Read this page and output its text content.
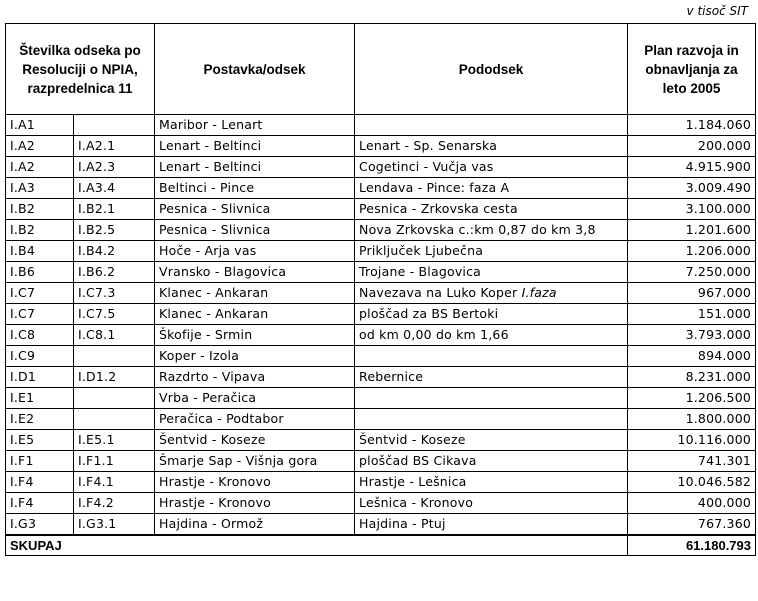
v tisoč SIT
Številka odseka po Resoluciji o NPIA, razpredelnica 11		Postavka/odsek	Pododsek	Plan razvoja in obnavljanja za leto 2005
I.A1		Maribor - Lenart		1.184.060
I.A2	I.A2.1	Lenart - Beltinci	Lenart - Sp. Senarska	200.000
I.A2	I.A2.3	Lenart - Beltinci	Cogetinci - Vučja vas	4.915.900
I.A3	I.A3.4	Beltinci - Pince	Lendava - Pince: faza A	3.009.490
I.B2	I.B2.1	Pesnica - Slivnica	Pesnica - Zrkovska cesta	3.100.000
I.B2	I.B2.5	Pesnica - Slivnica	Nova Zrkovska c.:km 0,87 do km 3,8	1.201.600
I.B4	I.B4.2	Hoče - Arja vas	Priključek Ljubečna	1.206.000
I.B6	I.B6.2	Vransko - Blagovica	Trojane - Blagovica	7.250.000
I.C7	I.C7.3	Klanec - Ankaran	Navezava na Luko Koper I.faza	967.000
I.C7	I.C7.5	Klanec - Ankaran	ploščad za BS Bertoki	151.000
I.C8	I.C8.1	Škofije - Srmin	od km 0,00 do km 1,66	3.793.000
I.C9		Koper - Izola		894.000
I.D1	I.D1.2	Razdrto - Vipava	Rebernice	8.231.000
I.E1		Vrba - Peračica		1.206.500
I.E2		Peračica - Podtabor		1.800.000
I.E5	I.E5.1	Šentvid - Koseze	Šentvid - Koseze	10.116.000
I.F1	I.F1.1	Šmarje Sap - Višnja gora	ploščad BS Cikava	741.301
I.F4	I.F4.1	Hrastje - Kronovo	Hrastje - Lešnica	10.046.582
I.F4	I.F4.2	Hrastje - Kronovo	Lešnica - Kronovo	400.000
I.G3	I.G3.1	Hajdina - Ormož	Hajdina - Ptuj	767.360
SKUPAJ				61.180.793
